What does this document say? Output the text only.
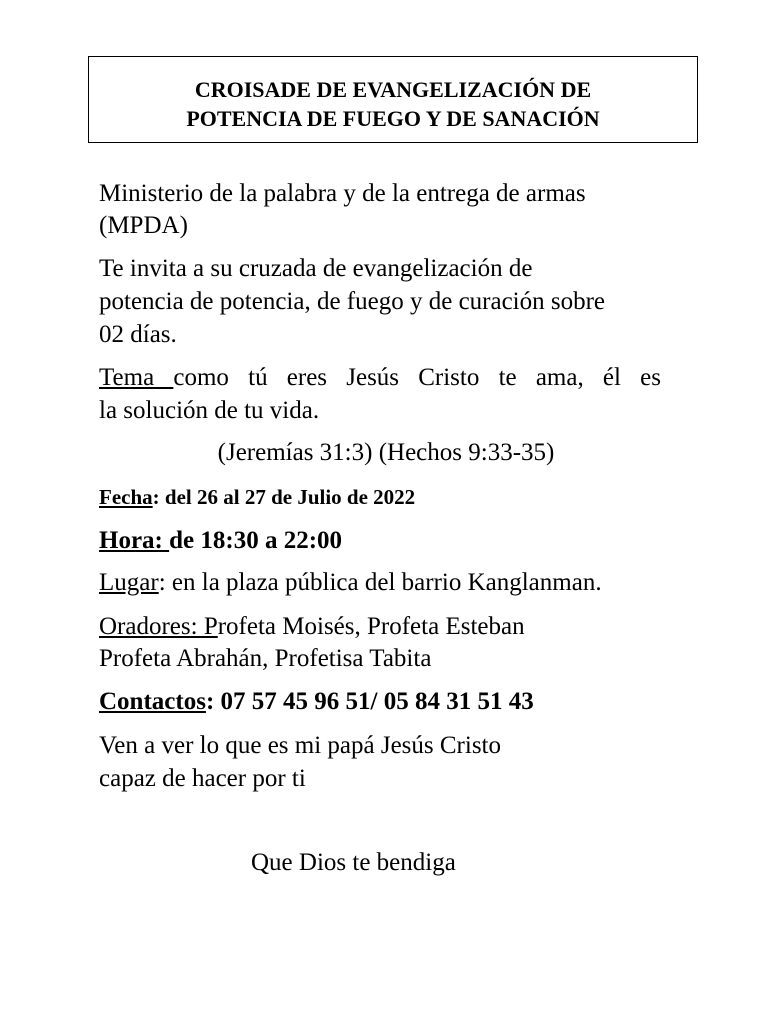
CROISADE DE EVANGELIZACIÓN DE
POTENCIA DE FUEGO Y DE SANACIÓN
Ministerio de la palabra y de la entrega de armas
(MPDA)
Te invita a su cruzada de evangelización de
potencia de potencia, de fuego y de curación sobre
02 días.
Tema como tú eres Jesús Cristo te ama, él es
la solución de tu vida.
(Jeremías 31:3) (Hechos 9:33-35)
Fecha: del 26 al 27 de Julio de 2022
Hora: de 18:30 a 22:00
Lugar: en la plaza pública del barrio Kanglanman.
Oradores: Profeta Moisés, Profeta Esteban
Profeta Abrahán, Profetisa Tabita
Contactos: 07 57 45 96 51/ 05 84 31 51 43
Ven a ver lo que es mi papá Jesús Cristo
capaz de hacer por ti
Que Dios te bendiga
